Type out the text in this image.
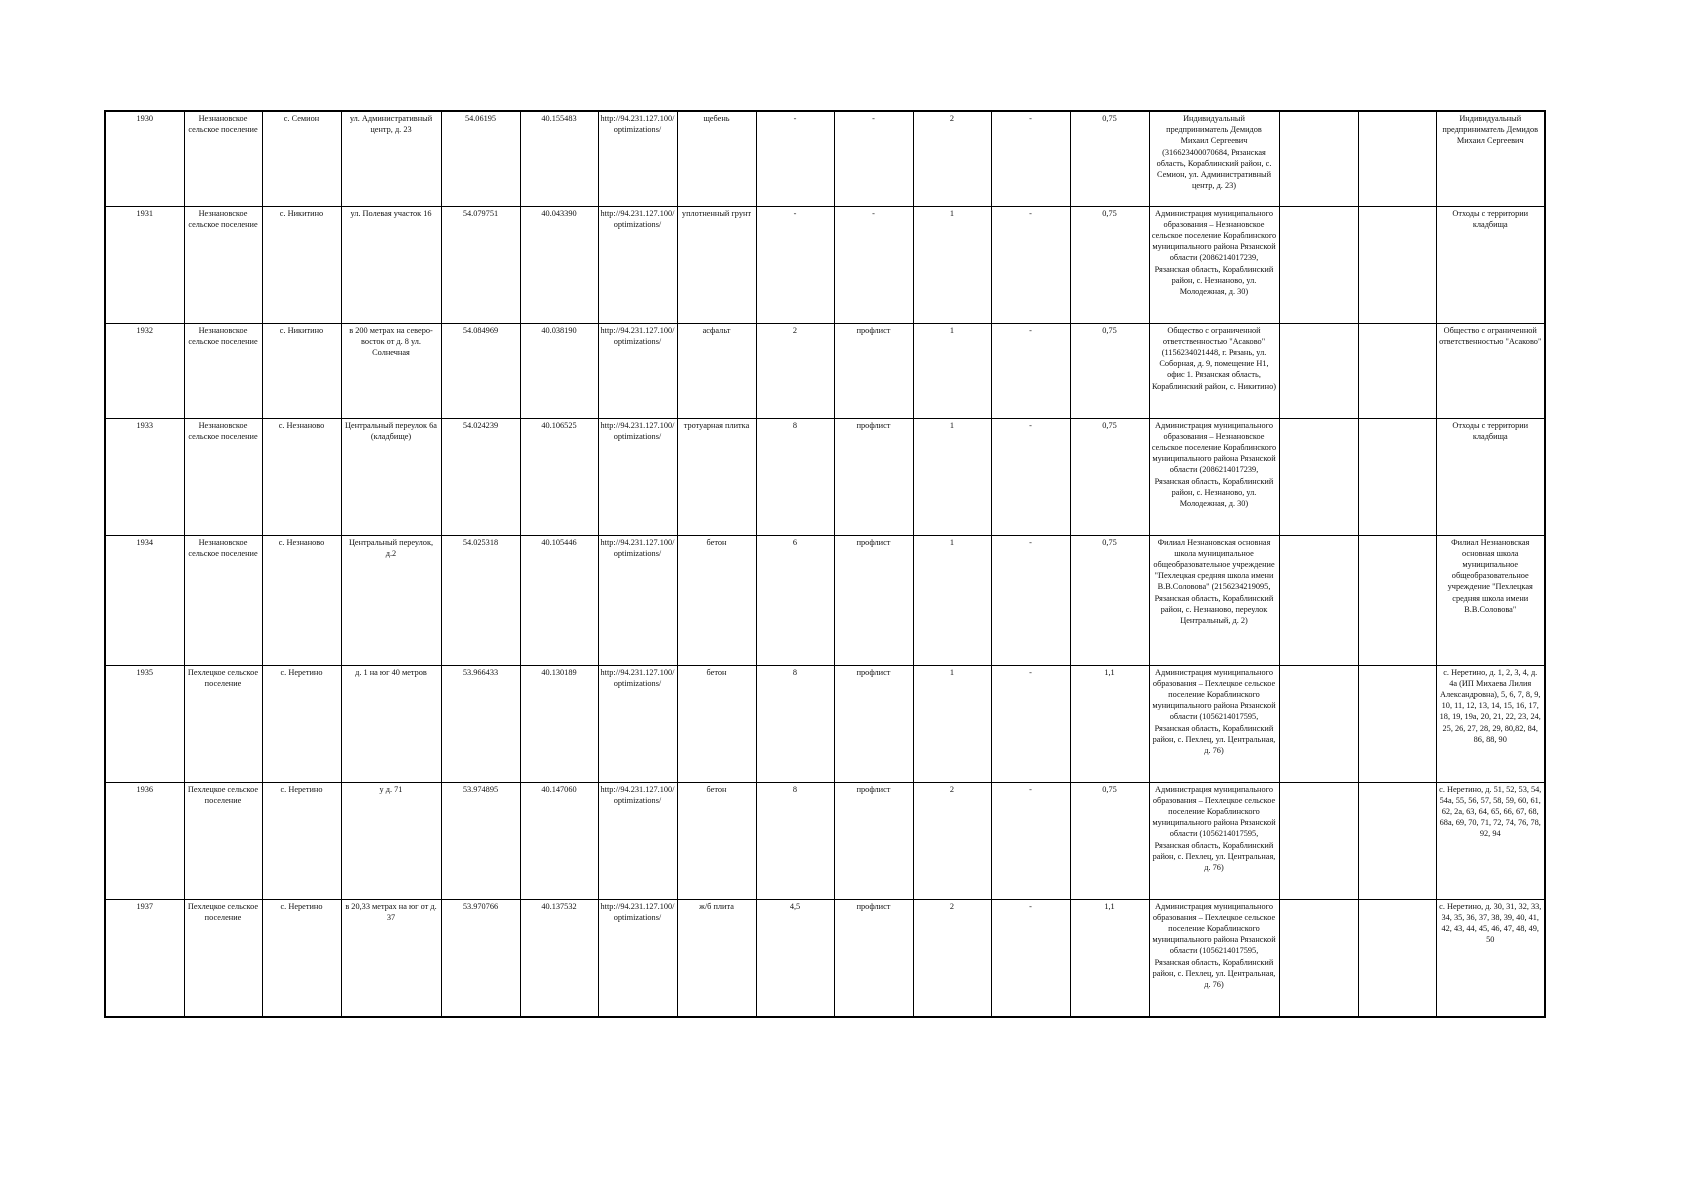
1930	Незнановское сельское поселение	с. Семион	ул. Административный центр, д. 23	54.06195	40.155483	http://94.231.127.100/optimizations/	щебень	-	-	2	-	0,75	Индивидуальный предприниматель Демидов Михаил Сергеевич (316623400070684, Рязанская область, Кораблинский район, с. Семион, ул. Административный центр, д. 23)			Индивидуальный предприниматель Демидов Михаил Сергеевич
1931	Незнановское сельское поселение	с. Никитино	ул. Полевая участок 16	54.079751	40.043390	http://94.231.127.100/optimizations/	уплотненный грунт	-	-	1	-	0,75	Администрация муниципального образования – Незнановское сельское поселение Кораблинского муниципального района Рязанской области (2086214017239, Рязанская область, Кораблинский район, с. Незнаново, ул. Молодежная, д. 30)			Отходы с территории кладбища
1932	Незнановское сельское поселение	с. Никитино	в 200 метрах на северо-восток от д. 8 ул. Солнечная	54.084969	40.038190	http://94.231.127.100/optimizations/	асфальт	2	профлист	1	-	0,75	Общество с ограниченной ответственностью "Асаково"(1156234021448, г. Рязань, ул. Соборная, д. 9, помещение Н1, офис 1. Рязанская область, Кораблинский район, с. Никитино)			Общество с ограниченной ответственностью "Асаково"
1933	Незнановское сельское поселение	с. Незнаново	Центральный переулок 6а (кладбище)	54.024239	40.106525	http://94.231.127.100/optimizations/	тротуарная плитка	8	профлист	1	-	0,75	Администрация муниципального образования – Незнановское сельское поселение Кораблинского муниципального района Рязанской области (2086214017239, Рязанская область, Кораблинский район, с. Незнаново, ул. Молодежная, д. 30)			Отходы с территории кладбища
1934	Незнановское сельское поселение	с. Незнаново	Центральный переулок, д.2	54.025318	40.105446	http://94.231.127.100/optimizations/	бетон	6	профлист	1	-	0,75	Филиал Незнановская основная школа муниципальное общеобразовательное учреждение "Пехлецкая средняя школа имени В.В.Соловова" (2156234219095, Рязанская область, Кораблинский район, с. Незнаново, переулок Центральный, д. 2)			Филиал Незнановская основная школа муниципальное общеобразовательное учреждение "Пехлецкая средняя школа имени В.В.Соловова"
1935	Пехлецкое сельское поселение	с. Неретино	д. 1 на юг 40 метров	53.966433	40.130189	http://94.231.127.100/optimizations/	бетон	8	профлист	1	-	1,1	Администрация муниципального образования – Пехлецкое сельское поселение Кораблинского муниципального района Рязанской области (1056214017595, Рязанская область, Кораблинский район, с. Пехлец, ул. Центральная, д. 76)			с. Неретино, д. 1, 2, 3, 4, д. 4а (ИП Михаева Лилия Александровна), 5, 6, 7, 8, 9, 10, 11, 12, 13, 14, 15, 16, 17, 18, 19, 19а, 20, 21, 22, 23, 24, 25, 26, 27, 28, 29, 80,82, 84, 86, 88, 90
1936	Пехлецкое сельское поселение	с. Неретино	у д. 71	53.974895	40.147060	http://94.231.127.100/optimizations/	бетон	8	профлист	2	-	0,75	Администрация муниципального образования – Пехлецкое сельское поселение Кораблинского муниципального района Рязанской области (1056214017595, Рязанская область, Кораблинский район, с. Пехлец, ул. Центральная, д. 76)			с. Неретино, д. 51, 52, 53, 54, 54а, 55, 56, 57, 58, 59, 60, 61, 62, 2а, 63, 64, 65, 66, 67, 68, 68а, 69, 70, 71, 72, 74, 76, 78, 92, 94
1937	Пехлецкое сельское поселение	с. Неретино	в 20,33 метрах на юг от д. 37	53.970766	40.137532	http://94.231.127.100/optimizations/	ж/б плита	4,5	профлист	2	-	1,1	Администрация муниципального образования – Пехлецкое сельское поселение Кораблинского муниципального района Рязанской области (1056214017595, Рязанская область, Кораблинский район, с. Пехлец, ул. Центральная, д. 76)			с. Неретино, д. 30, 31, 32, 33, 34, 35, 36, 37, 38, 39, 40, 41, 42, 43, 44, 45, 46, 47, 48, 49, 50
